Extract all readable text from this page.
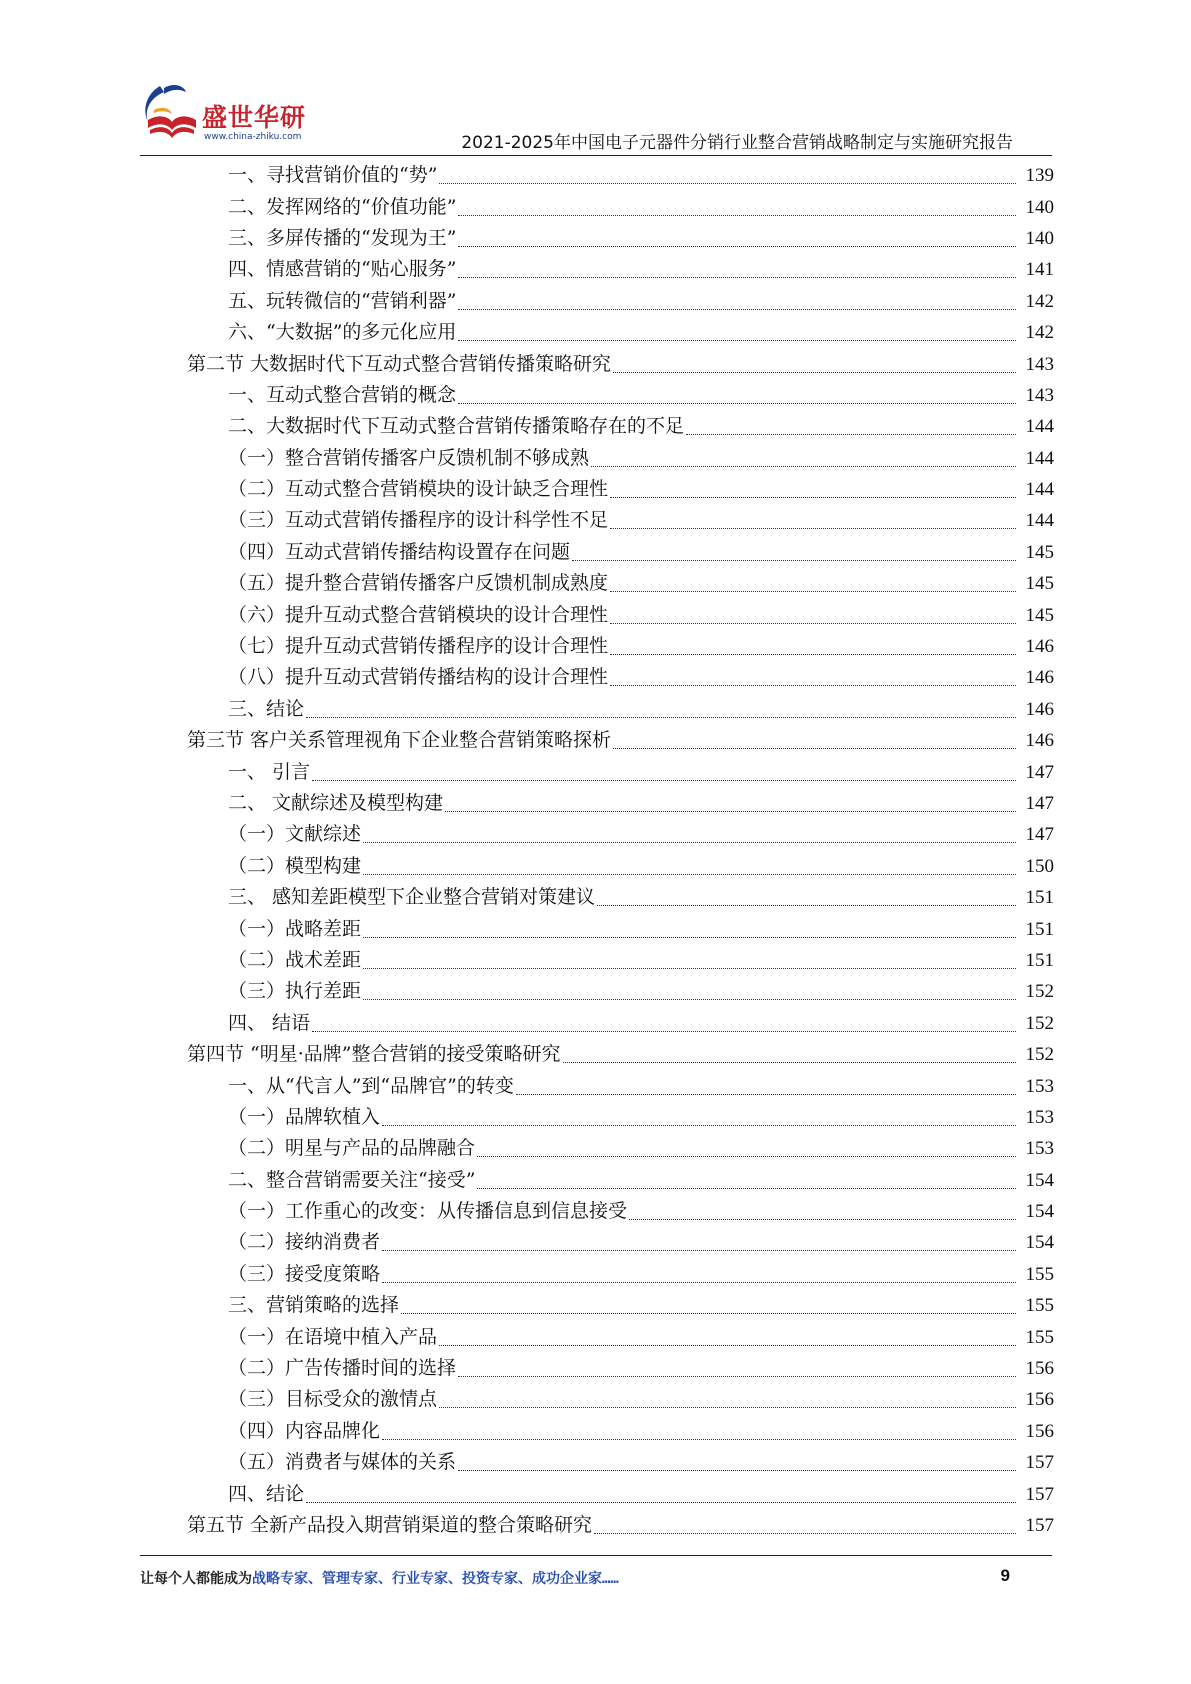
盛世华研
www.china-zhiku.com	2021-2025年中国电子元器件分销行业整合营销战略制定与实施研究报告
一、寻找营销价值的“势”	139
二、发挥网络的“价值功能”	140
三、多屏传播的“发现为王”	140
四、情感营销的“贴心服务”	141
五、玩转微信的“营销利器”	142
六、“大数据”的多元化应用	142
第二节 大数据时代下互动式整合营销传播策略研究	143
一、互动式整合营销的概念	143
二、大数据时代下互动式整合营销传播策略存在的不足	144
（一）整合营销传播客户反馈机制不够成熟	144
（二）互动式整合营销模块的设计缺乏合理性	144
（三）互动式营销传播程序的设计科学性不足	144
（四）互动式营销传播结构设置存在问题	145
（五）提升整合营销传播客户反馈机制成熟度	145
（六）提升互动式整合营销模块的设计合理性	145
（七）提升互动式营销传播程序的设计合理性	146
（八）提升互动式营销传播结构的设计合理性	146
三、结论	146
第三节 客户关系管理视角下企业整合营销策略探析	146
一、 引言	147
二、 文献综述及模型构建	147
（一）文献综述	147
（二）模型构建	150
三、 感知差距模型下企业整合营销对策建议	151
（一）战略差距	151
（二）战术差距	151
（三）执行差距	152
四、 结语	152
第四节 “明星·品牌”整合营销的接受策略研究	152
一、从“代言人”到“品牌官”的转变	153
（一）品牌软植入	153
（二）明星与产品的品牌融合	153
二、整合营销需要关注“接受”	154
（一）工作重心的改变：从传播信息到信息接受	154
（二）接纳消费者	154
（三）接受度策略	155
三、营销策略的选择	155
（一）在语境中植入产品	155
（二）广告传播时间的选择	156
（三）目标受众的激情点	156
（四）内容品牌化	156
（五）消费者与媒体的关系	157
四、结论	157
第五节 全新产品投入期营销渠道的整合策略研究	157
让每个人都能成为战略专家、管理专家、行业专家、投资专家、成功企业家……	9
